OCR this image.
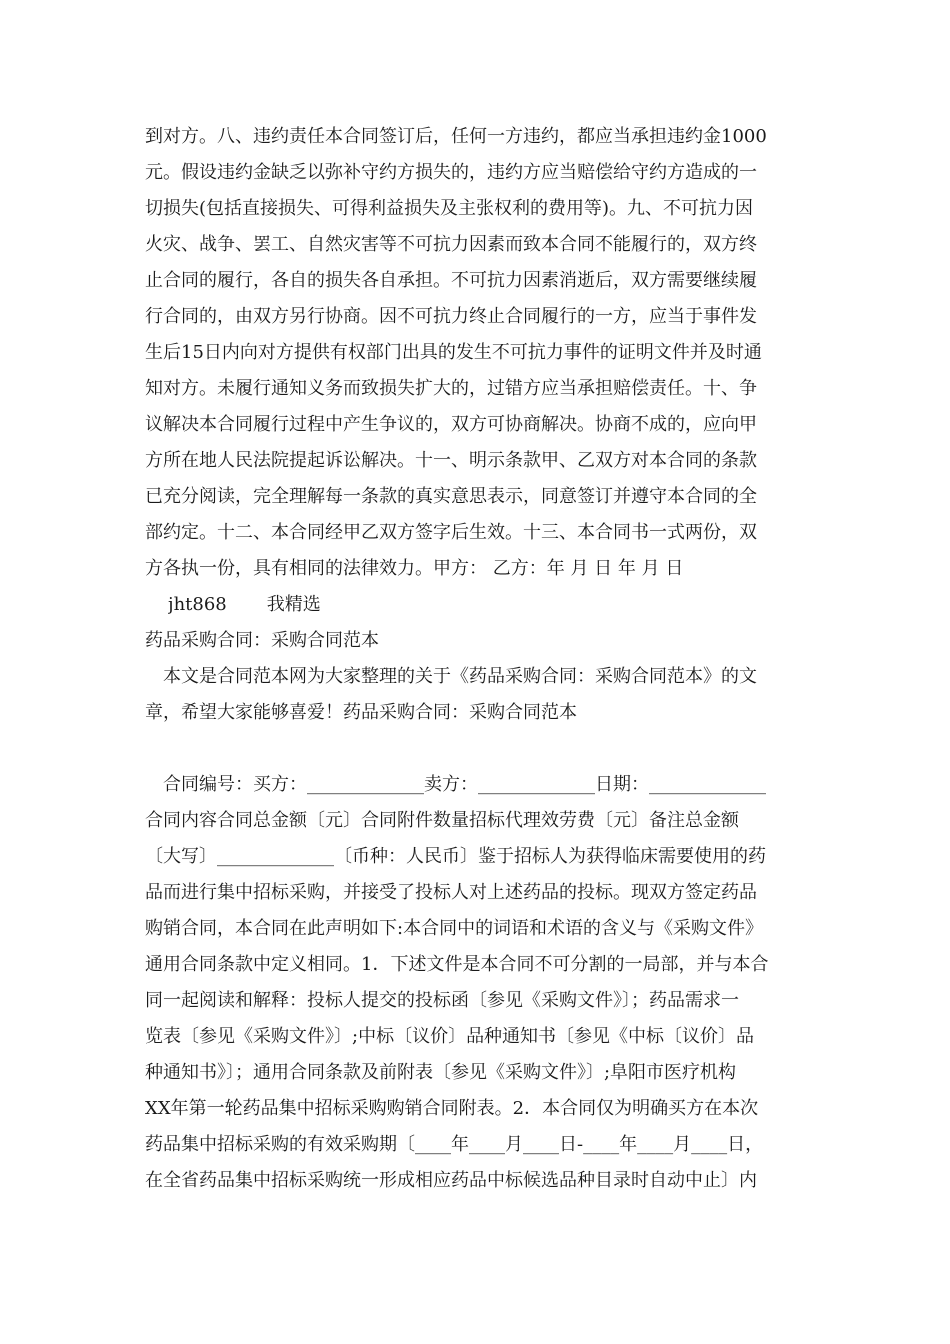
到对方。八、违约责任本合同签订后，任何一方违约，都应当承担违约金1000
元。假设违约金缺乏以弥补守约方损失的，违约方应当赔偿给守约方造成的一
切损失(包括直接损失、可得利益损失及主张权利的费用等)。九、不可抗力因
火灾、战争、罢工、自然灾害等不可抗力因素而致本合同不能履行的，双方终
止合同的履行，各自的损失各自承担。不可抗力因素消逝后，双方需要继续履
行合同的，由双方另行协商。因不可抗力终止合同履行的一方，应当于事件发
生后15日内向对方提供有权部门出具的发生不可抗力事件的证明文件并及时通
知对方。未履行通知义务而致损失扩大的，过错方应当承担赔偿责任。十、争
议解决本合同履行过程中产生争议的，双方可协商解决。协商不成的，应向甲
方所在地人民法院提起诉讼解决。十一、明示条款甲、乙双方对本合同的条款
已充分阅读，完全理解每一条款的真实意思表示，同意签订并遵守本合同的全
部约定。十二、本合同经甲乙双方签字后生效。十三、本合同书一式两份，双
方各执一份，具有相同的法律效力。甲方： 乙方：年 月 日 年 月 日
jht868 我精选
药品采购合同：采购合同范本
本文是合同范本网为大家整理的关于《药品采购合同：采购合同范本》的文
章，希望大家能够喜爱！药品采购合同：采购合同范本
合同编号：买方：_____________卖方：_____________日期：_____________
合同内容合同总金额〔元〕合同附件数量招标代理效劳费〔元〕备注总金额
〔大写〕_____________〔币种：人民币〕鉴于招标人为获得临床需要使用的药
品而进行集中招标采购，并接受了投标人对上述药品的投标。现双方签定药品
购销合同，本合同在此声明如下:本合同中的词语和术语的含义与《采购文件》
通用合同条款中定义相同。1．下述文件是本合同不可分割的一局部，并与本合
同一起阅读和解释：投标人提交的投标函〔参见《采购文件》〕；药品需求一
览表〔参见《采购文件》〕;中标〔议价〕品种通知书〔参见《中标〔议价〕品
种通知书》〕；通用合同条款及前附表〔参见《采购文件》〕;阜阳市医疗机构
XX年第一轮药品集中招标采购购销合同附表。2．本合同仅为明确买方在本次
药品集中招标采购的有效采购期〔____年____月____日-____年____月____日，
在全省药品集中招标采购统一形成相应药品中标候选品种目录时自动中止〕内
